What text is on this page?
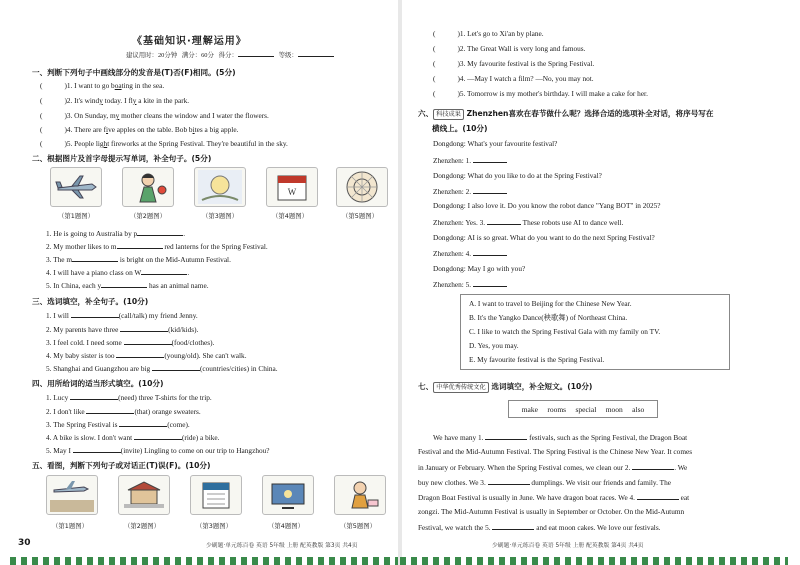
《基础知识·理解运用》
建议用时：20分钟 满分：60分 得分：	等级：
一、判断下列句子中画线部分的发音是(T)否(F)相同。(5分)
(	)1. I want to go boating in the sea.
(	)2. It's windy today. I fly a kite in the park.
(	)3. On Sunday, my mother cleans the window and I water the flowers.
(	)4. There are five apples on the table. Bob bites a big apple.
(	)5. People light fireworks at the Spring Festival. They're beautiful in the sky.
二、根据图片及首字母提示写单词，补全句子。(5分)
W
（第1题图）	（第2题图）	（第3题图）	（第4题图）	（第5题图）
1. He is going to Australia by p	.
2. My mother likes to m	red lanterns for the Spring Festival.
3. The m	is bright on the Mid-Autumn Festival.
4. I will have a piano class on W	.
5. In China, each y	has an animal name.
三、选词填空，补全句子。(10分)
1. I will	(call/talk) my friend Jenny.
2. My parents have three	(kid/kids).
3. I feel cold. I need some	(food/clothes).
4. My baby sister is too	(young/old). She can't walk.
5. Shanghai and Guangzhou are big	(countries/cities) in China.
四、用所给词的适当形式填空。(10分)
1. Lucy	(need) three T-shirts for the trip.
2. I don't like	(that) orange sweaters.
3. The Spring Festival is	(come).
4. A bike is slow. I don't want	(ride) a bike.
5. May I	(invite) Lingling to come on our trip to Hangzhou?
五、看图，判断下列句子或对话正(T)误(F)。(10分)
（第1题图）	（第2题图）	（第3题图）	（第4题图）	（第5题图）
30	少刷题·单元练百卷 英语 5年级 上册 配英教版 第3页 共4页
(	)1. Let's go to Xi'an by plane.
(	)2. The Great Wall is very long and famous.
(	)3. My favourite festival is the Spring Festival.
(	)4. —May I watch a film? —No, you may not.
(	)5. Tomorrow is my mother's birthday. I will make a cake for her.
六、 科技成果 Zhenzhen喜欢在春节做什么呢？选择合适的选项补全对话，将序号写在
横线上。(10分)
Dongdong: What's your favourite festival?
Zhenzhen: 1.
Dongdong: What do you like to do at the Spring Festival?
Zhenzhen: 2.
Dongdong: I also love it. Do you know the robot dance "Yang BOT" in 2025?
Zhenzhen: Yes. 3.	These robots use AI to dance well.
Dongdong: AI is so great. What do you want to do the next Spring Festival?
Zhenzhen: 4.
Dongdong: May I go with you?
Zhenzhen: 5.
A. I want to travel to Beijing for the Chinese New Year.
B. It's the Yangko Dance(秧歌舞) of Northeast China.
C. I like to watch the Spring Festival Gala with my family on TV.
D. Yes, you may.
E. My favourite festival is the Spring Festival.
七、 中华优秀传统文化 选词填空，补全短文。(10分)
make rooms special moon also
We have many 1.	festivals, such as the Spring Festival, the Dragon Boat
Festival and the Mid-Autumn Festival. The Spring Festival is the Chinese New Year. It comes
in January or February. When the Spring Festival comes, we clean our 2.	. We
buy new clothes. We 3.	dumplings. We visit our friends and family. The
Dragon Boat Festival is usually in June. We have dragon boat races. We 4.	eat
zongzi. The Mid-Autumn Festival is usually in September or October. On the Mid-Autumn
Festival, we watch the 5.	and eat moon cakes. We love our festivals.
少刷题·单元练百卷 英语 5年级 上册 配英教版 第4页 共4页
